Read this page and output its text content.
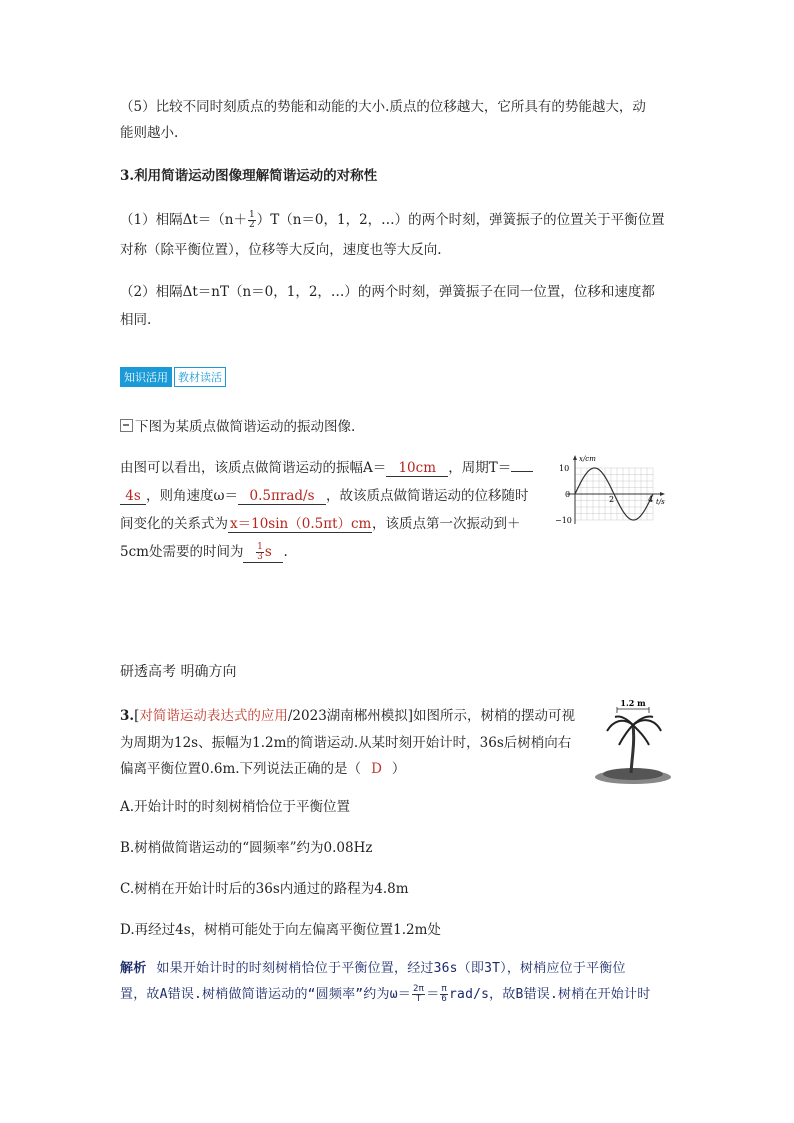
（5）比较不同时刻质点的势能和动能的大小.质点的位移越大，它所具有的势能越大，动
能则越小.
3.利用简谐运动图像理解简谐运动的对称性
（1）相隔$\Delta t=(n+ \frac{1}{2} )T(n=0$，1，2，…）的两个时刻，弹簧振子的位置关于平衡位置
对称（除平衡位置），位移等大反向，速度也等大反向.
（2）相隔Δt＝nT（n＝0，1，2，…）的两个时刻，弹簧振子在同一位置，位移和速度都
相同.
知识活用 教材读活
下图为某质点做简谐运动的振动图像.
由图可以看出，该质点做简谐运动的振幅A＝ 10cm ，周期T＝
4s ，则角速度ω＝ 0.5πrad/s ，故该质点做简谐运动的位移随时
间变化的关系式为 x＝10sin（0.5πt）cm，该质点第一次振动到＋
5cm处需要的时间为 $\frac{1}{3}$ s .
x/cm
t/s
10
0
−10
2	4
研透高考 明确方向
3.[对简谐运动表达式的应用/2023湖南郴州模拟]如图所示，树梢的摆动可视
为周期为12s、振幅为1.2m的简谐运动.从某时刻开始计时，36s后树梢向右
偏离平衡位置0.6m.下列说法正确的是（ D ）
1.2 m
A.开始计时的时刻树梢恰位于平衡位置
B.树梢做简谐运动的“圆频率”约为0.08Hz
C.树梢在开始计时后的36s内通过的路程为4.8m
D.再经过4s，树梢可能处于向左偏离平衡位置1.2m处
解析 如果开始计时的时刻树梢恰位于平衡位置，经过36s（即3T），树梢应位于平衡位
置，故A错误.树梢做简谐运动的“圆频率”约为$\omega= \frac{2\pi}{T} = \frac{\pi}{6} rad/s$，故B错误.树梢在开始计时
